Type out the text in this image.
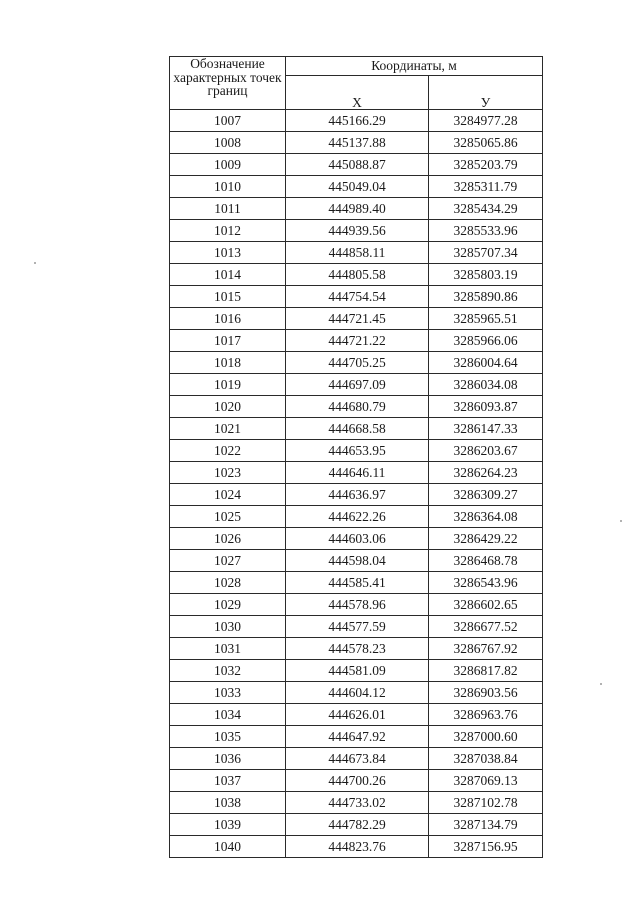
Обозначение характерных точек границ	Координаты, м	
	X	У
1007	445166.29	3284977.28
1008	445137.88	3285065.86
1009	445088.87	3285203.79
1010	445049.04	3285311.79
1011	444989.40	3285434.29
1012	444939.56	3285533.96
1013	444858.11	3285707.34
1014	444805.58	3285803.19
1015	444754.54	3285890.86
1016	444721.45	3285965.51
1017	444721.22	3285966.06
1018	444705.25	3286004.64
1019	444697.09	3286034.08
1020	444680.79	3286093.87
1021	444668.58	3286147.33
1022	444653.95	3286203.67
1023	444646.11	3286264.23
1024	444636.97	3286309.27
1025	444622.26	3286364.08
1026	444603.06	3286429.22
1027	444598.04	3286468.78
1028	444585.41	3286543.96
1029	444578.96	3286602.65
1030	444577.59	3286677.52
1031	444578.23	3286767.92
1032	444581.09	3286817.82
1033	444604.12	3286903.56
1034	444626.01	3286963.76
1035	444647.92	3287000.60
1036	444673.84	3287038.84
1037	444700.26	3287069.13
1038	444733.02	3287102.78
1039	444782.29	3287134.79
1040	444823.76	3287156.95
